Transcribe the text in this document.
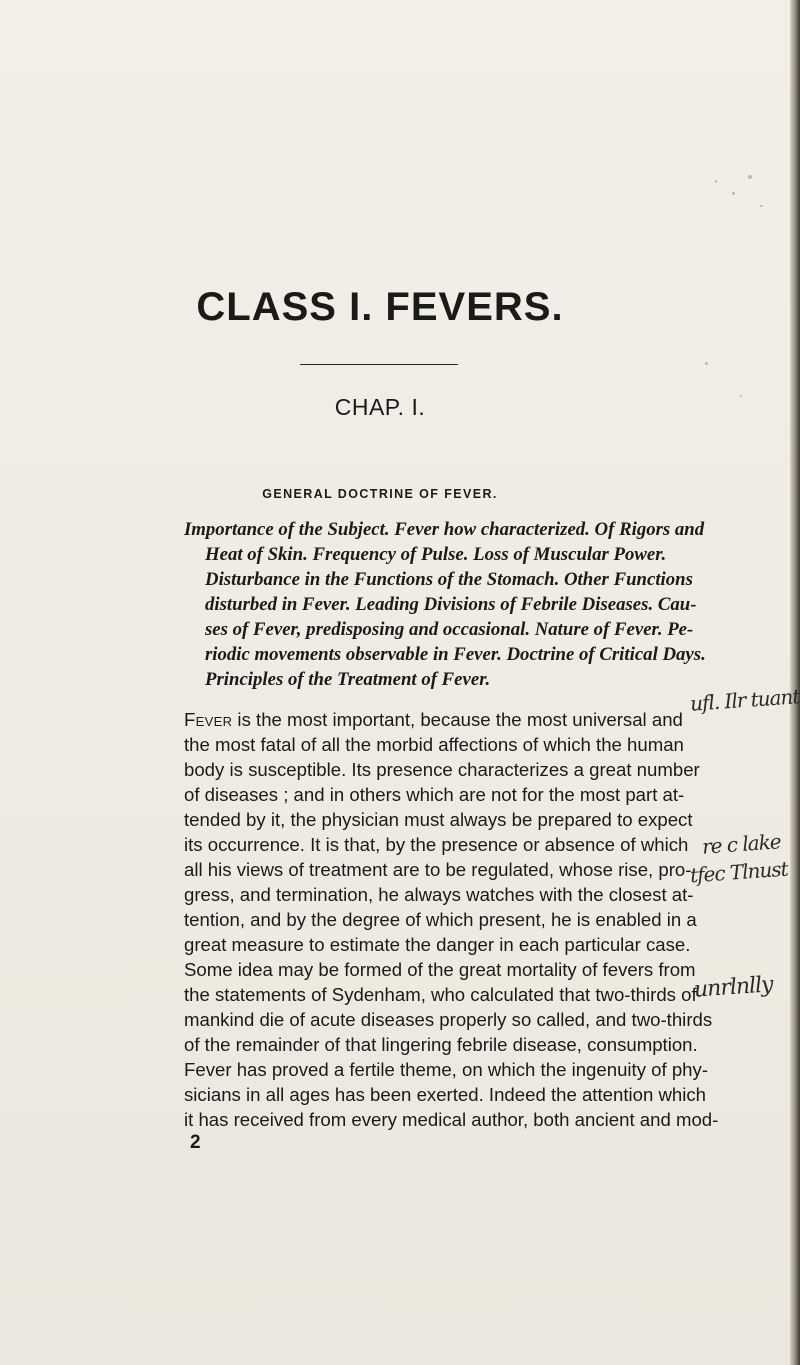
CLASS I. FEVERS.
CHAP. I.
GENERAL DOCTRINE OF FEVER.
Importance of the Subject. Fever how characterized. Of Rigors and
Heat of Skin. Frequency of Pulse. Loss of Muscular Power.
Disturbance in the Functions of the Stomach. Other Functions
disturbed in Fever. Leading Divisions of Febrile Diseases. Cau-
ses of Fever, predisposing and occasional. Nature of Fever. Pe-
riodic movements observable in Fever. Doctrine of Critical Days.
Principles of the Treatment of Fever.
Fever is the most important, because the most universal and
the most fatal of all the morbid affections of which the human
body is susceptible. Its presence characterizes a great number
of diseases ; and in others which are not for the most part at-
tended by it, the physician must always be prepared to expect
its occurrence. It is that, by the presence or absence of which
all his views of treatment are to be regulated, whose rise, pro-
gress, and termination, he always watches with the closest at-
tention, and by the degree of which present, he is enabled in a
great measure to estimate the danger in each particular case.
Some idea may be formed of the great mortality of fevers from
the statements of Sydenham, who calculated that two-thirds of
mankind die of acute diseases properly so called, and two-thirds
of the remainder of that lingering febrile disease, consumption.
Fever has proved a fertile theme, on which the ingenuity of phy-
sicians in all ages has been exerted. Indeed the attention which
it has received from every medical author, both ancient and mod-
2
ufl. Ilr tuant
re c lake
tfec Tlnust
unrlnlly
